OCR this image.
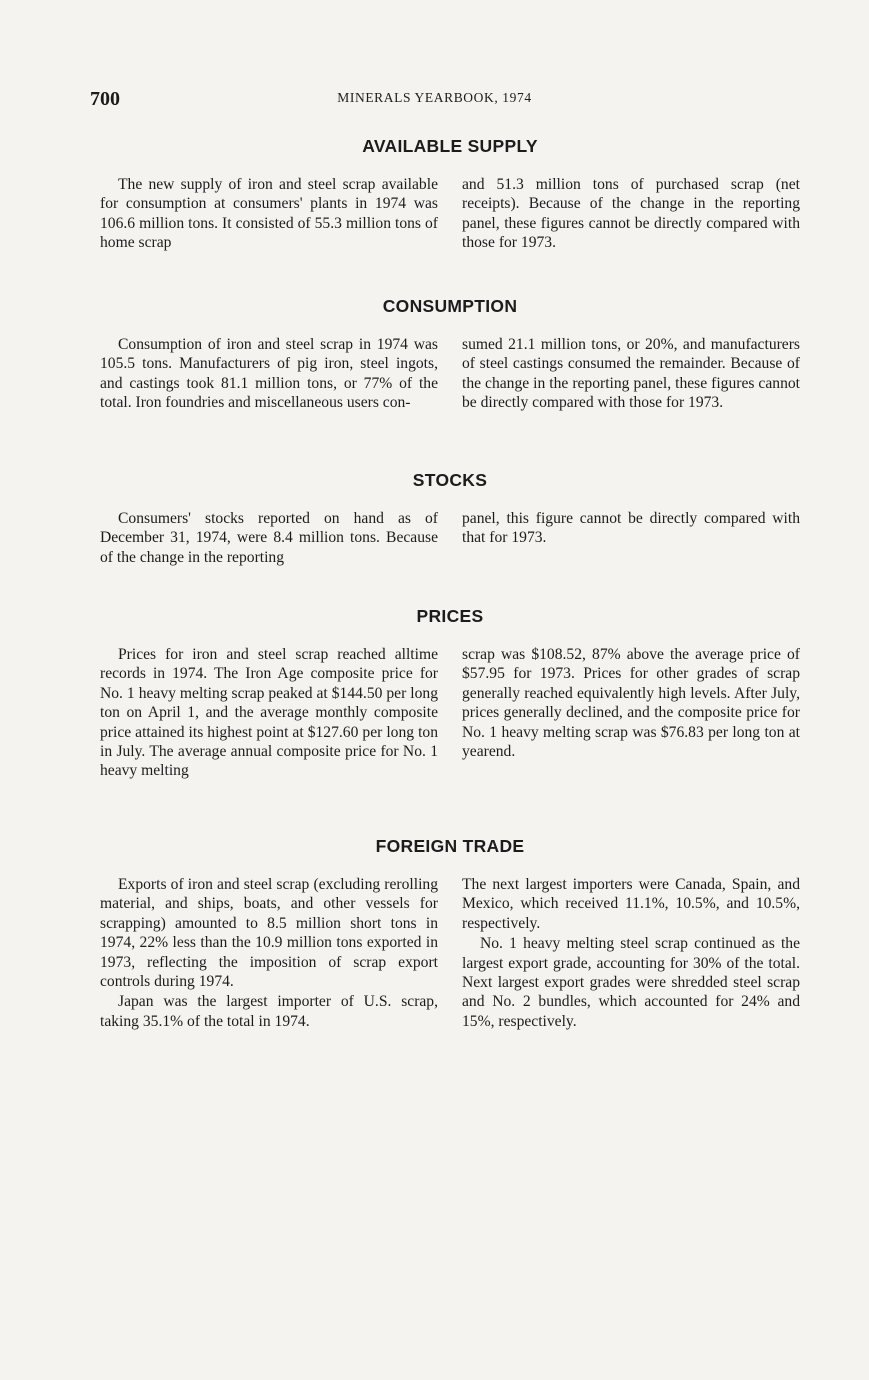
700	MINERALS YEARBOOK, 1974
AVAILABLE SUPPLY

The new supply of iron and steel scrap available for consumption at consumers' plants in 1974 was 106.6 million tons. It consisted of 55.3 million tons of home scrap

and 51.3 million tons of purchased scrap (net receipts). Because of the change in the reporting panel, these figures cannot be directly compared with those for 1973.

CONSUMPTION

Consumption of iron and steel scrap in 1974 was 105.5 tons. Manufacturers of pig iron, steel ingots, and castings took 81.1 million tons, or 77% of the total. Iron foundries and miscellaneous users con-

sumed 21.1 million tons, or 20%, and manufacturers of steel castings consumed the remainder. Because of the change in the reporting panel, these figures cannot be directly compared with those for 1973.

STOCKS

Consumers' stocks reported on hand as of December 31, 1974, were 8.4 million tons. Because of the change in the reporting

panel, this figure cannot be directly compared with that for 1973.

PRICES

Prices for iron and steel scrap reached alltime records in 1974. The Iron Age composite price for No. 1 heavy melting scrap peaked at $144.50 per long ton on April 1, and the average monthly composite price attained its highest point at $127.60 per long ton in July. The average annual composite price for No. 1 heavy melting

scrap was $108.52, 87% above the average price of $57.95 for 1973. Prices for other grades of scrap generally reached equivalently high levels. After July, prices generally declined, and the composite price for No. 1 heavy melting scrap was $76.83 per long ton at yearend.

FOREIGN TRADE

Exports of iron and steel scrap (excluding rerolling material, and ships, boats, and other vessels for scrapping) amounted to 8.5 million short tons in 1974, 22% less than the 10.9 million tons exported in 1973, reflecting the imposition of scrap export controls during 1974.

Japan was the largest importer of U.S. scrap, taking 35.1% of the total in 1974.

The next largest importers were Canada, Spain, and Mexico, which received 11.1%, 10.5%, and 10.5%, respectively.

No. 1 heavy melting steel scrap continued as the largest export grade, accounting for 30% of the total. Next largest export grades were shredded steel scrap and No. 2 bundles, which accounted for 24% and 15%, respectively.
